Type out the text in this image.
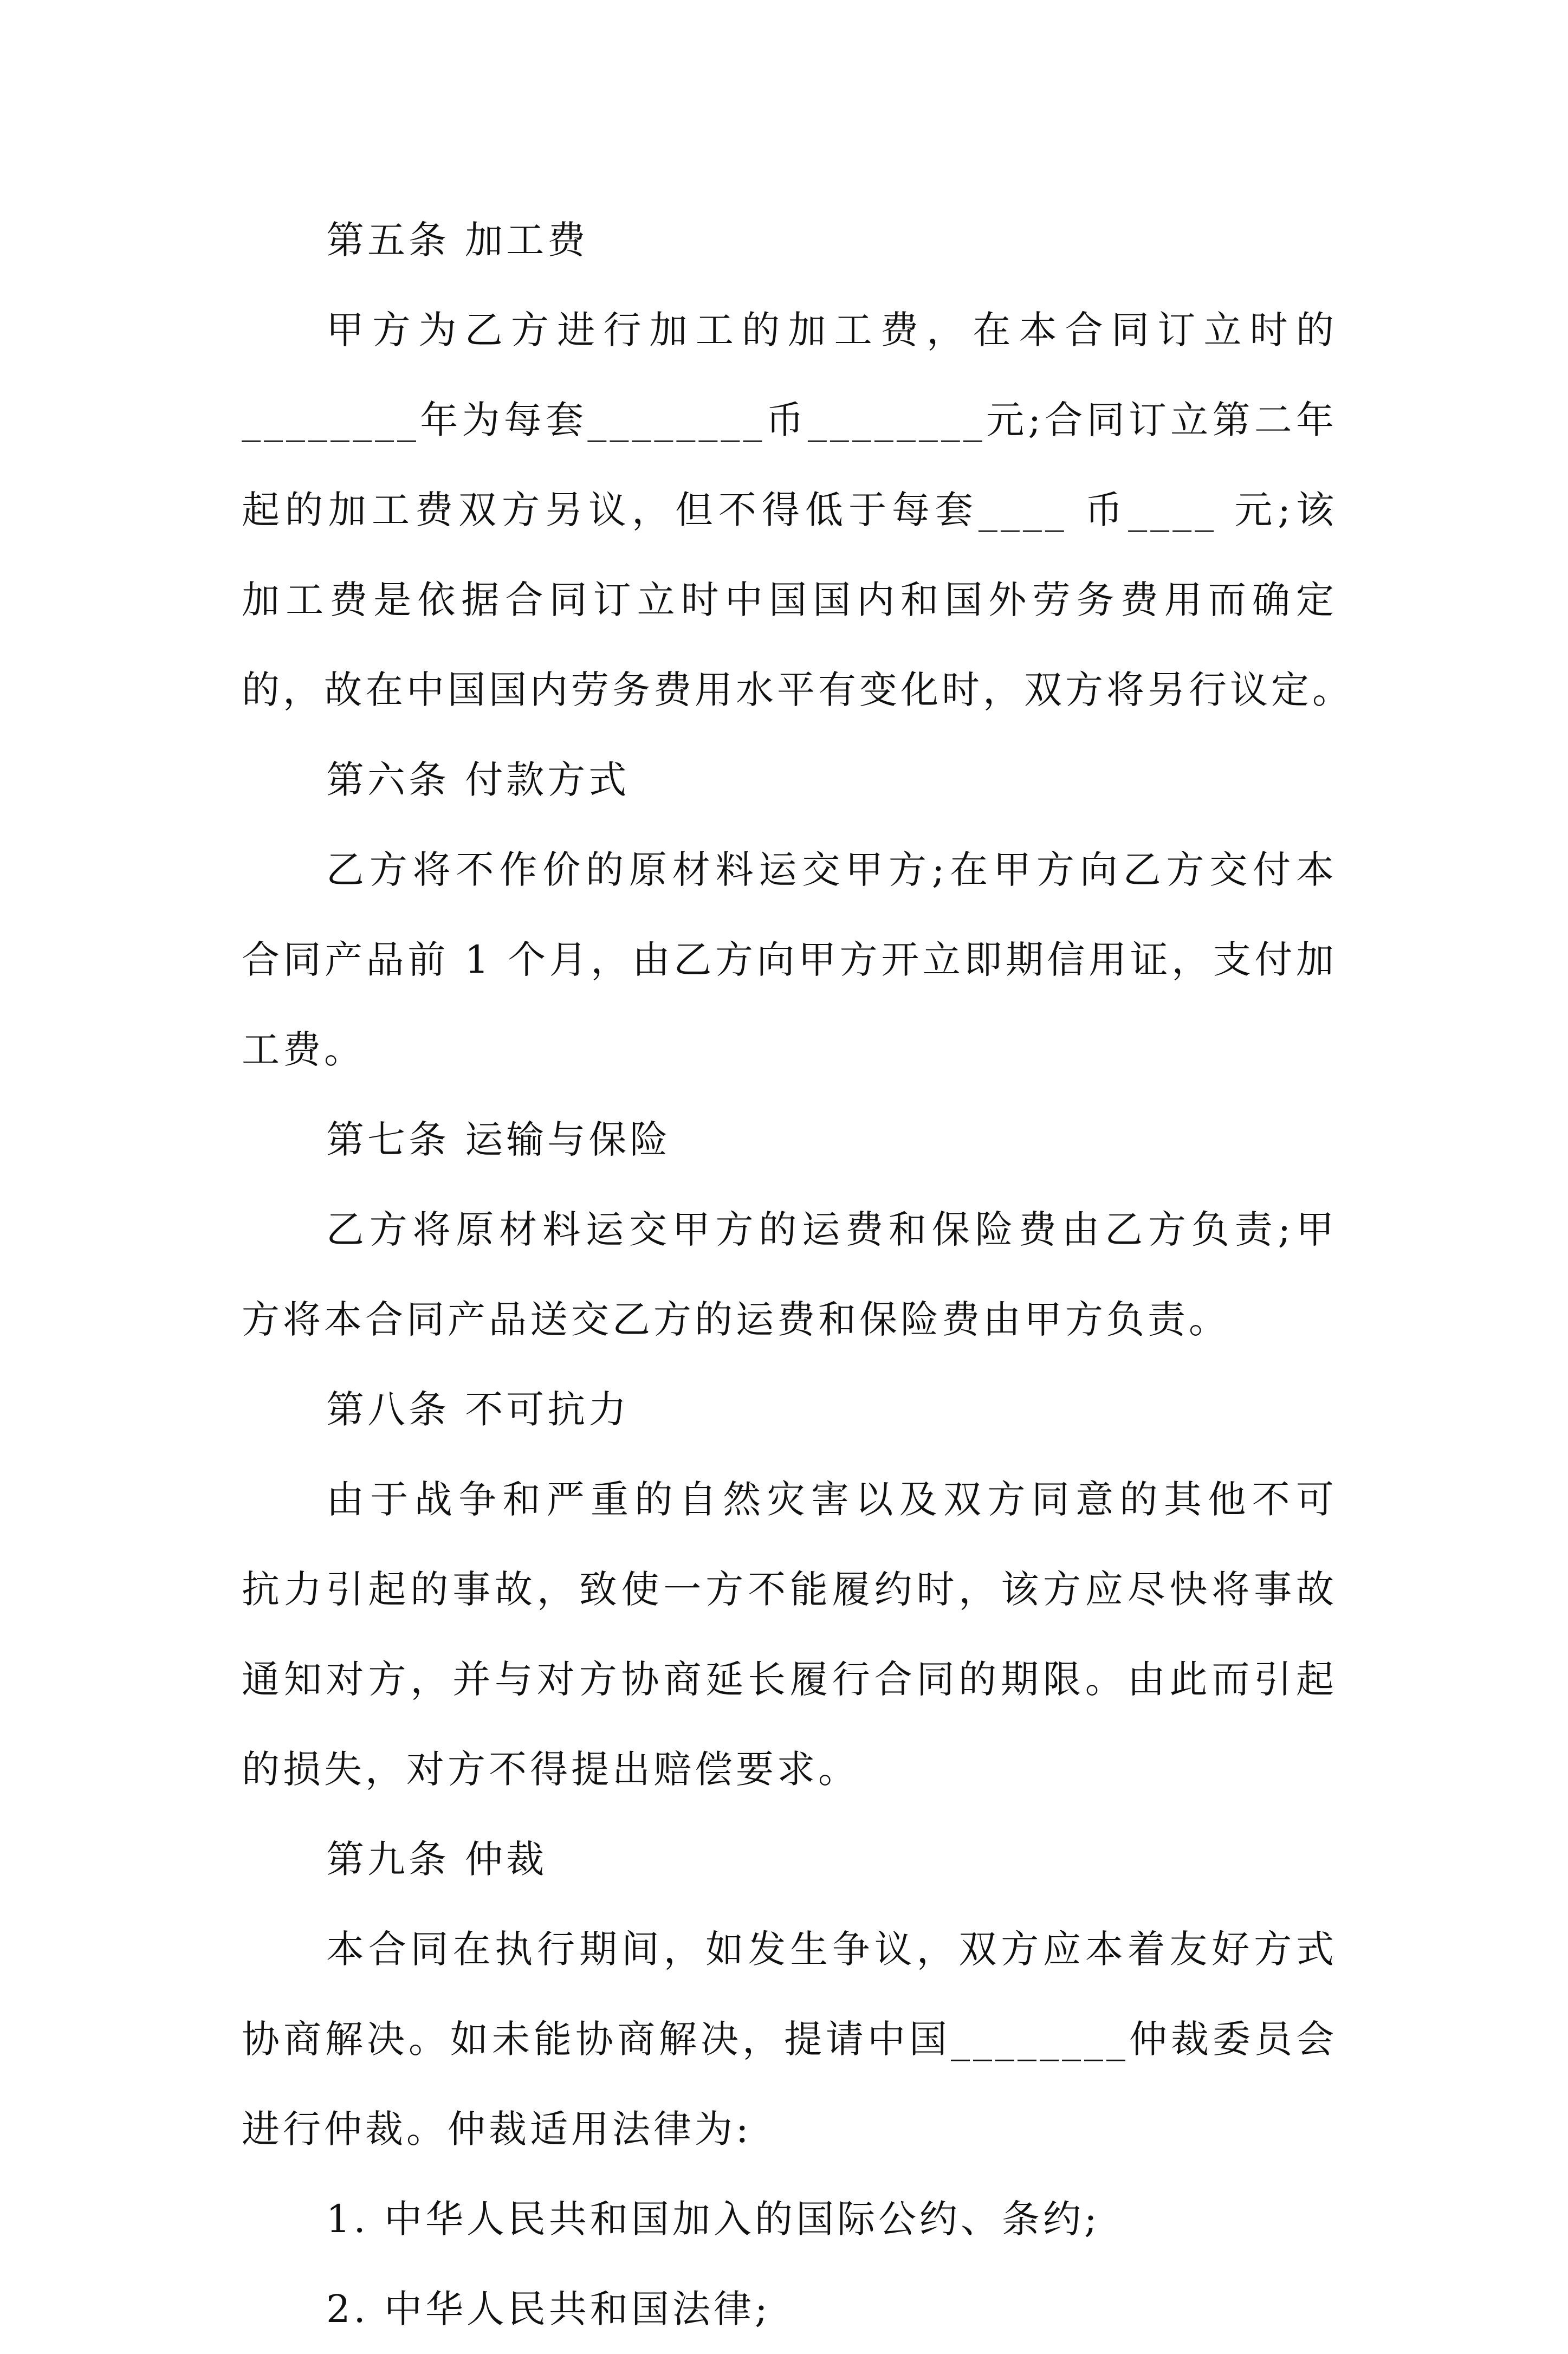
第五条 加工费
甲方为乙方进行加工的加工费，在本合同订立时的
________年为每套________币________元;合同订立第二年
起的加工费双方另议，但不得低于每套____ 币____ 元;该
加工费是依据合同订立时中国国内和国外劳务费用而确定
的，故在中国国内劳务费用水平有变化时，双方将另行议定。
第六条 付款方式
乙方将不作价的原材料运交甲方;在甲方向乙方交付本
合同产品前 1 个月，由乙方向甲方开立即期信用证，支付加
工费。
第七条 运输与保险
乙方将原材料运交甲方的运费和保险费由乙方负责;甲
方将本合同产品送交乙方的运费和保险费由甲方负责。
第八条 不可抗力
由于战争和严重的自然灾害以及双方同意的其他不可
抗力引起的事故，致使一方不能履约时，该方应尽快将事故
通知对方，并与对方协商延长履行合同的期限。由此而引起
的损失，对方不得提出赔偿要求。
第九条 仲裁
本合同在执行期间，如发生争议，双方应本着友好方式
协商解决。如未能协商解决，提请中国________仲裁委员会
进行仲裁。仲裁适用法律为:
1. 中华人民共和国加入的国际公约、条约;
2. 中华人民共和国法律;
